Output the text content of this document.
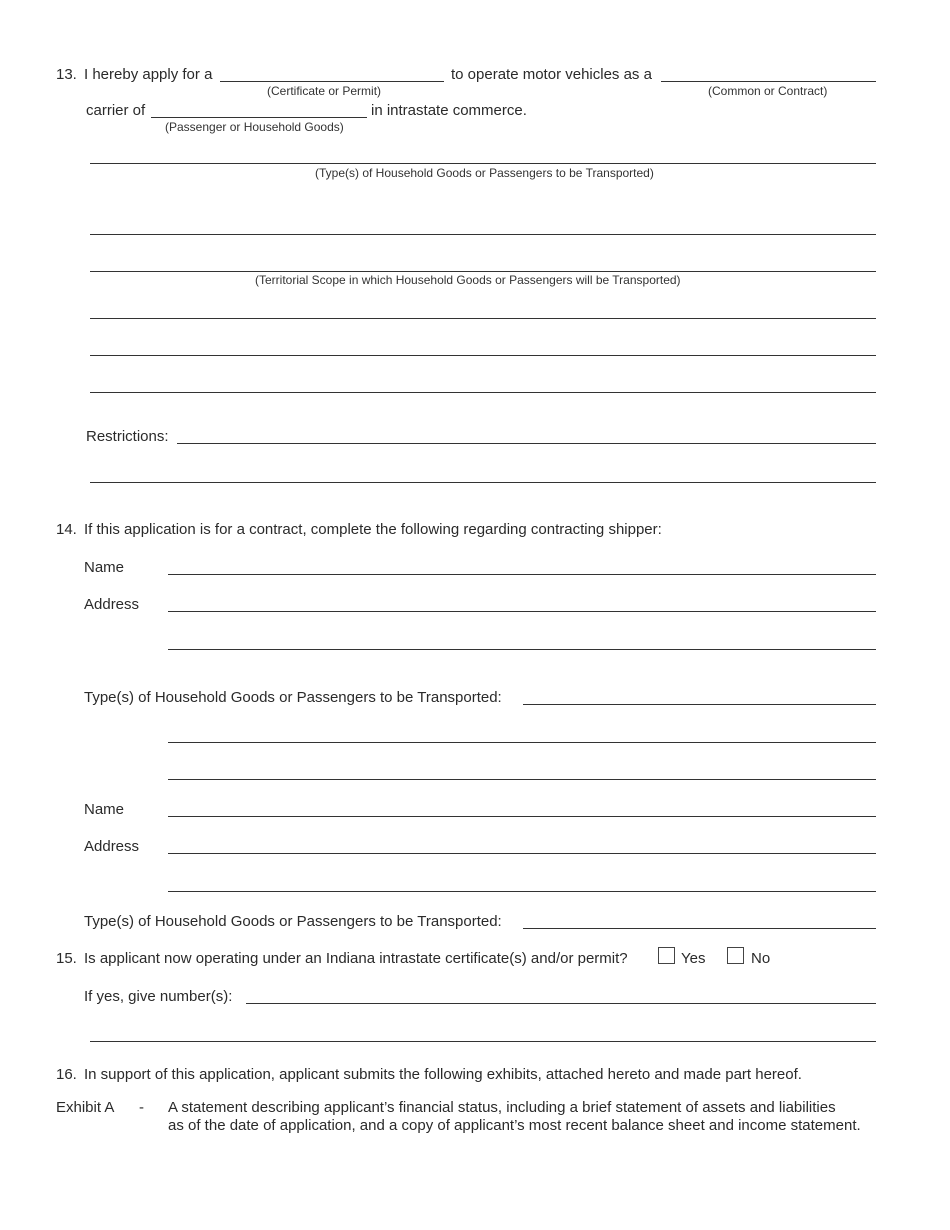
13. I hereby apply for a
(Certificate or Permit)
to operate motor vehicles as a
(Common or Contract)
carrier of
(Passenger or Household Goods)
in intrastate commerce.
(Type(s) of Household Goods or Passengers to be Transported)
(Territorial Scope in which Household Goods or Passengers will be Transported)
Restrictions:
14. If this application is for a contract, complete the following regarding contracting shipper:
Name
Address
Type(s) of Household Goods or Passengers to be Transported:
Name
Address
Type(s) of Household Goods or Passengers to be Transported:
15. Is applicant now operating under an Indiana intrastate certificate(s) and/or permit?	Yes	No
If yes, give number(s):
16. In support of this application, applicant submits the following exhibits, attached hereto and made part hereof.
Exhibit A - A statement describing applicant’s financial status, including a brief statement of assets and liabilities
as of the date of application, and a copy of applicant’s most recent balance sheet and income statement.
